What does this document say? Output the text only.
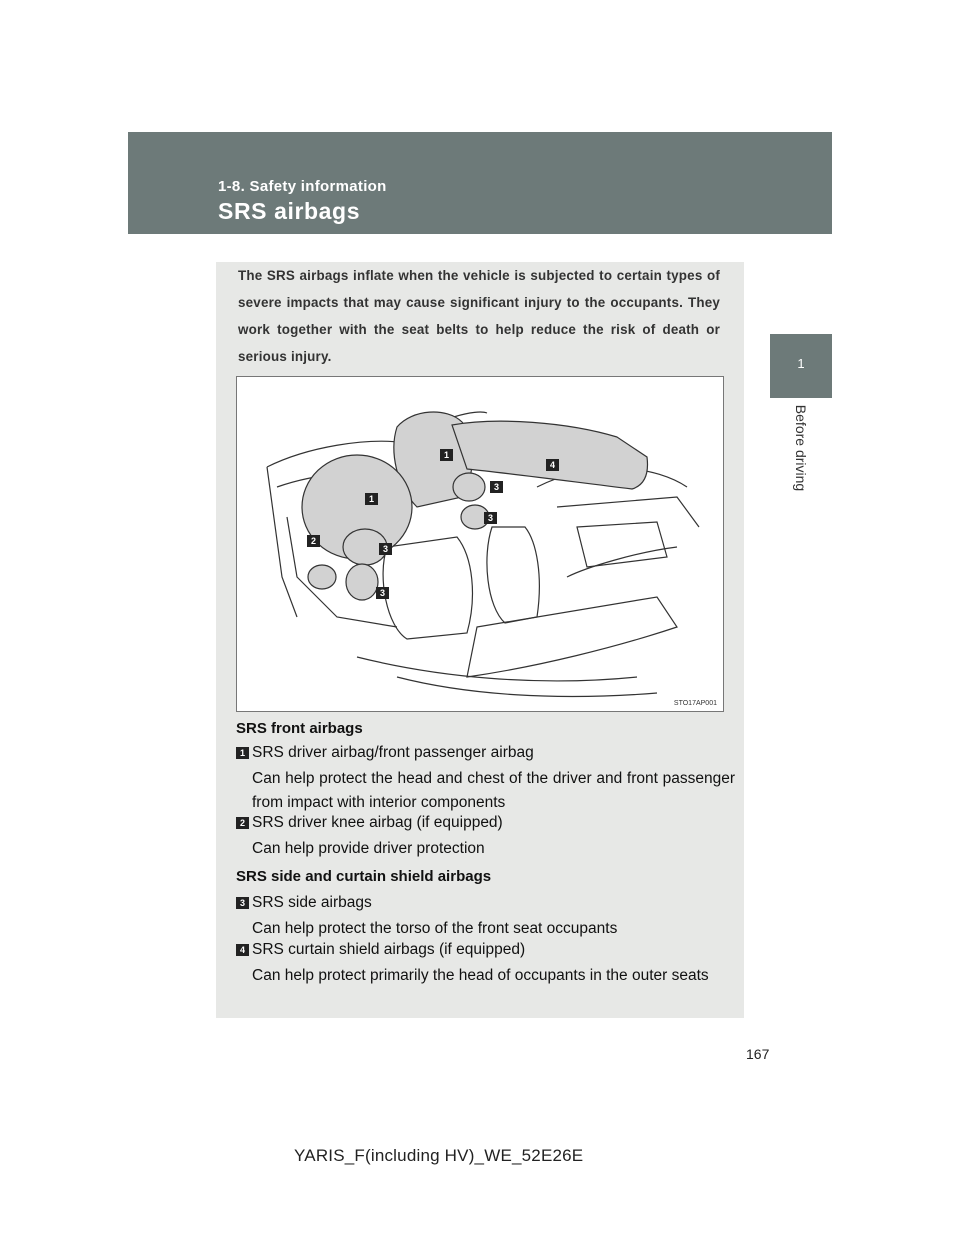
1-8. Safety information
SRS airbags
1
Before driving
The SRS airbags inflate when the vehicle is subjected to certain types of severe impacts that may cause significant injury to the occupants. They work together with the seat belts to help reduce the risk of death or serious injury.
1
1
4
3
3
2
3
3
STO17AP001
SRS front airbags
1 SRS driver airbag/front passenger airbag
Can help protect the head and chest of the driver and front passenger from impact with interior components
2 SRS driver knee airbag (if equipped)
Can help provide driver protection
SRS side and curtain shield airbags
3 SRS side airbags
Can help protect the torso of the front seat occupants
4 SRS curtain shield airbags (if equipped)
Can help protect primarily the head of occupants in the outer seats
167
YARIS_F(including HV)_WE_52E26E
